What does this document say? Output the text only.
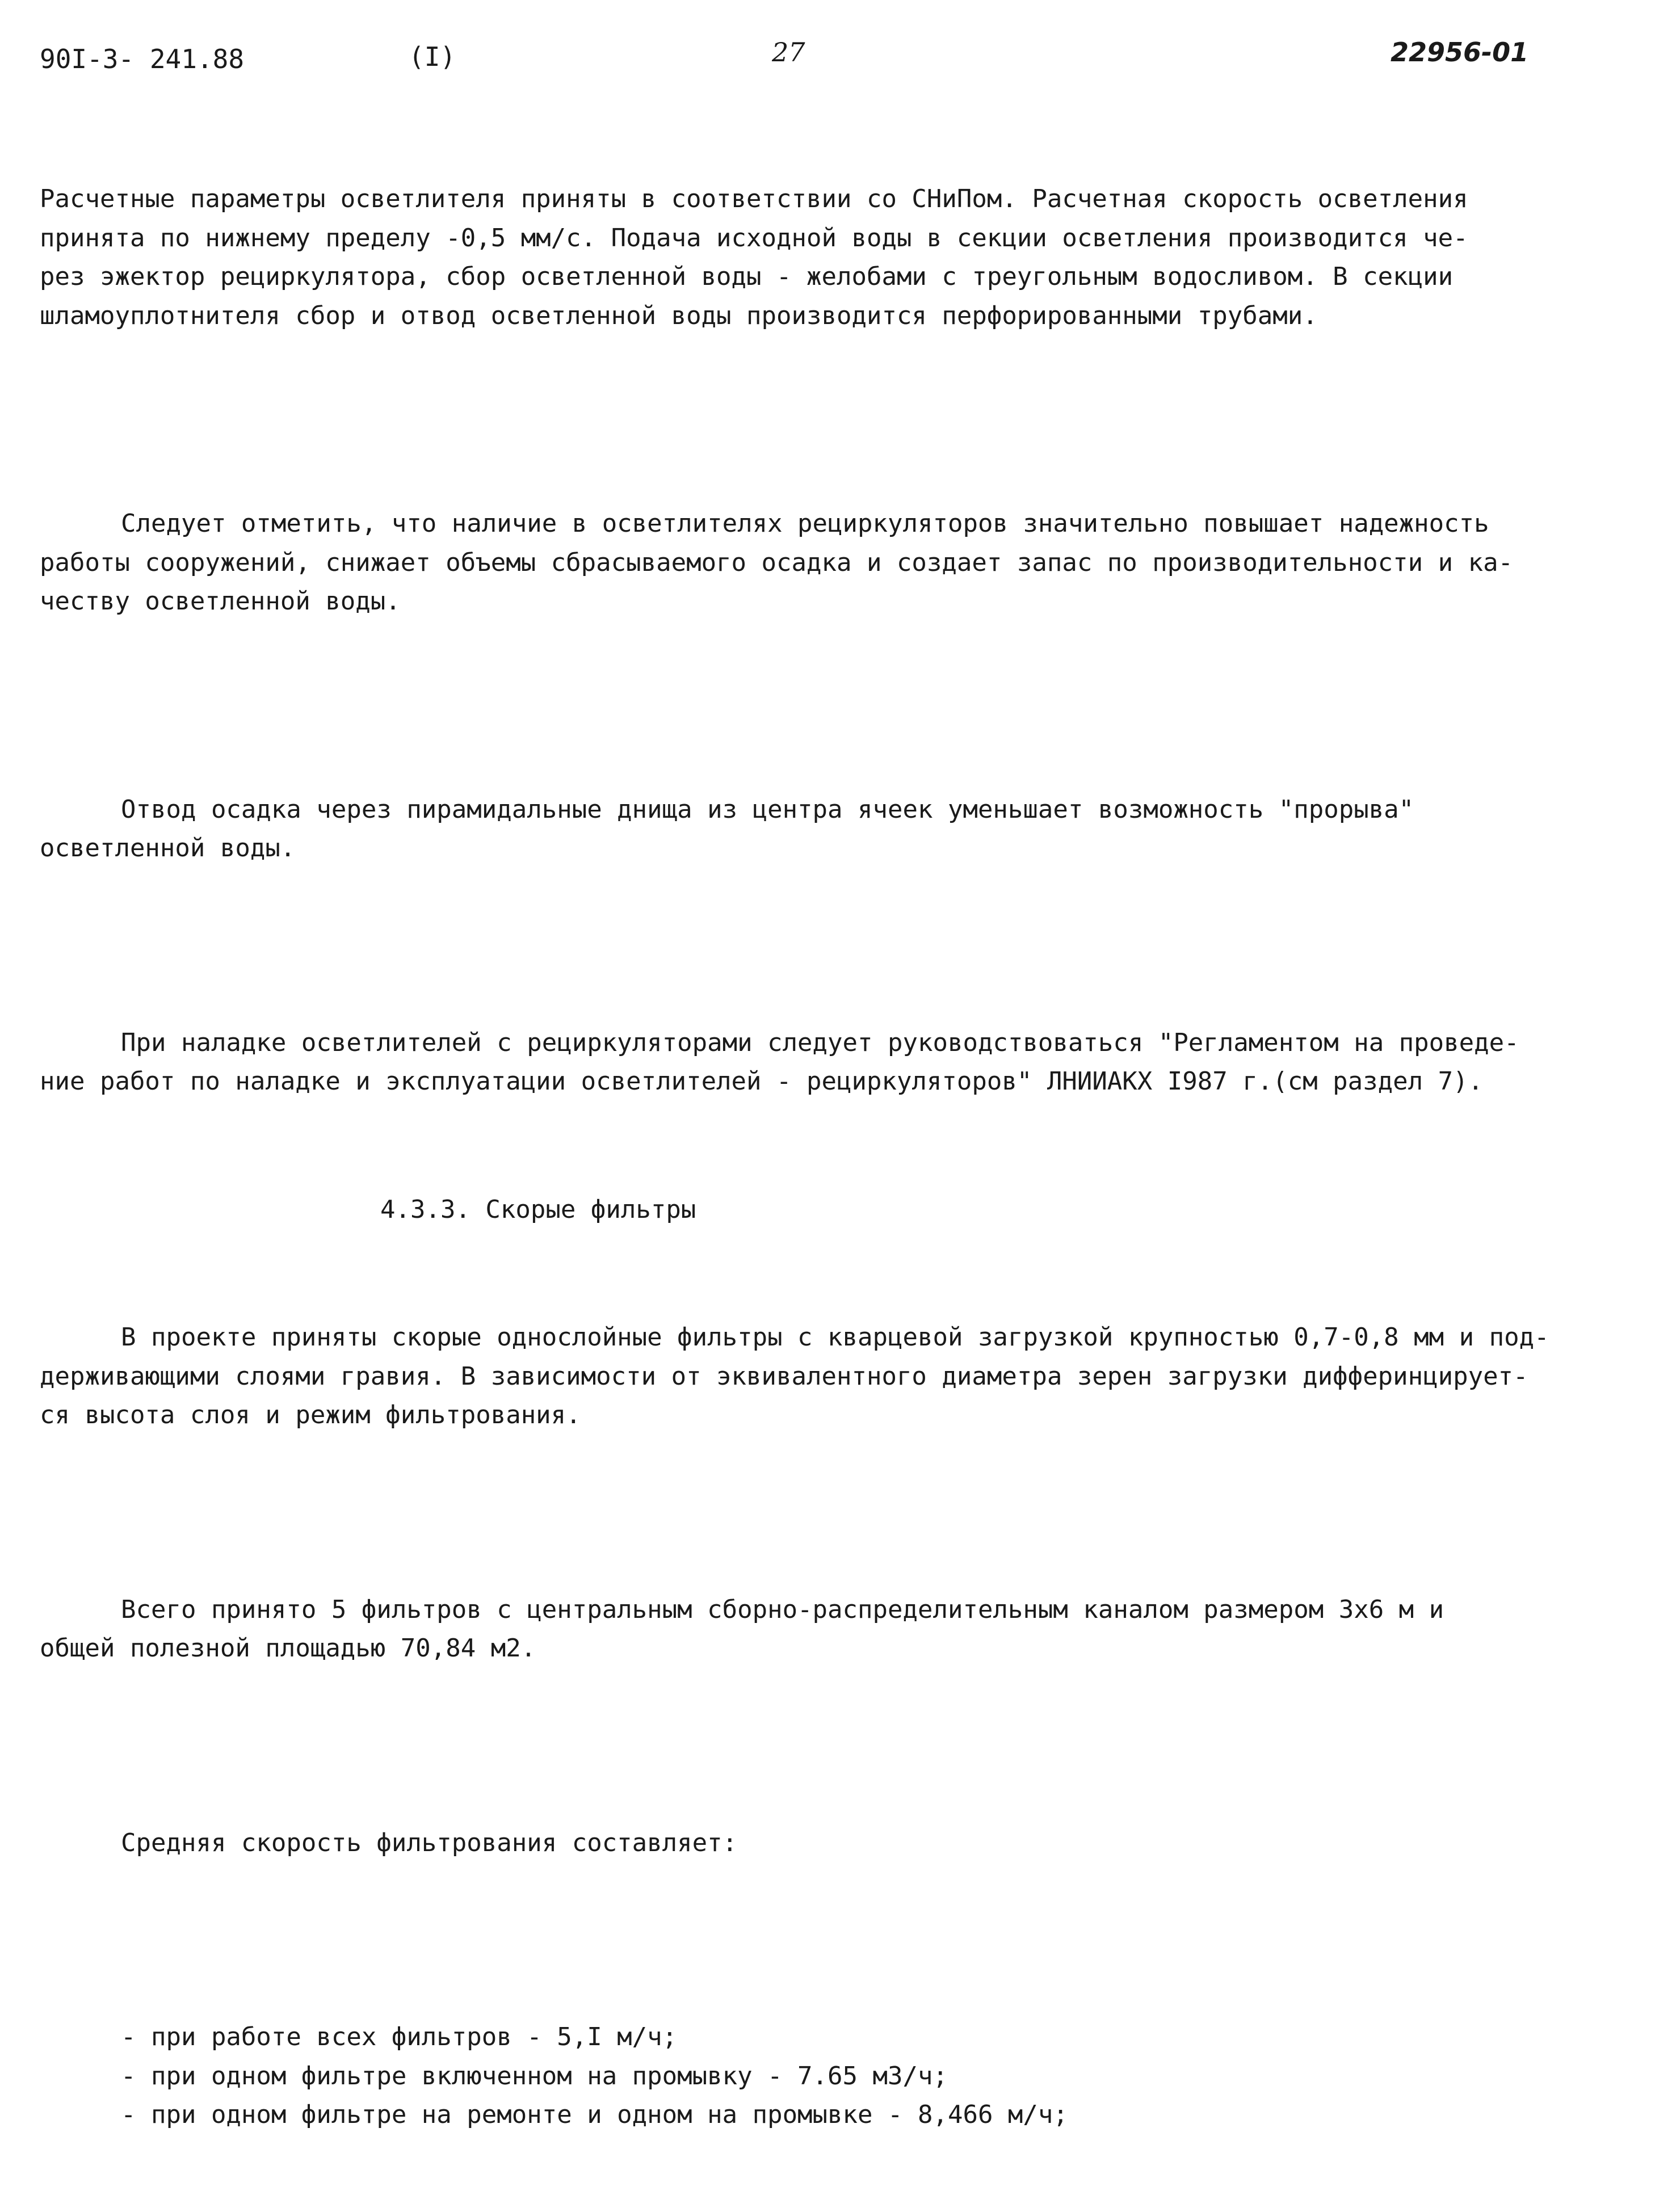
90I-3- 241.88	(I)	27	22956-01

Расчетные параметры осветлителя приняты в соответствии со СНиПом. Расчетная скорость осветления
принята по нижнему пределу -0,5 мм/с. Подача исходной воды в секции осветления производится че-
рез эжектор рециркулятора, сбор осветленной воды - желобами с треугольным водосливом. В секции
шламоуплотнителя сбор и отвод осветленной воды производится перфорированными трубами.

Следует отметить, что наличие в осветлителях рециркуляторов значительно повышает надежность
работы сооружений, снижает объемы сбрасываемого осадка и создает запас по производительности и ка-
честву осветленной воды.

Отвод осадка через пирамидальные днища из центра ячеек уменьшает возможность "прорыва"
осветленной воды.

При наладке осветлителей с рециркуляторами следует руководствоваться "Регламентом на проведе-
ние работ по наладке и эксплуатации осветлителей - рециркуляторов" ЛНИИАКХ I987 г.(см раздел 7).

4.3.3. Скорые фильтры

В проекте приняты скорые однослойные фильтры с кварцевой загрузкой крупностью 0,7-0,8 мм и под-
держивающими слоями гравия. В зависимости от эквивалентного диаметра зерен загрузки дифферинцирует-
ся высота слоя и режим фильтрования.

Всего принято 5 фильтров с центральным сборно-распределительным каналом размером 3х6 м и
общей полезной площадью 70,84 м2.

Средняя скорость фильтрования составляет:

- при работе всех фильтров - 5,I м/ч;
- при одном фильтре включенном на промывку - 7.65 м3/ч;
- при одном фильтре на ремонте и одном на промывке - 8,466 м/ч;
